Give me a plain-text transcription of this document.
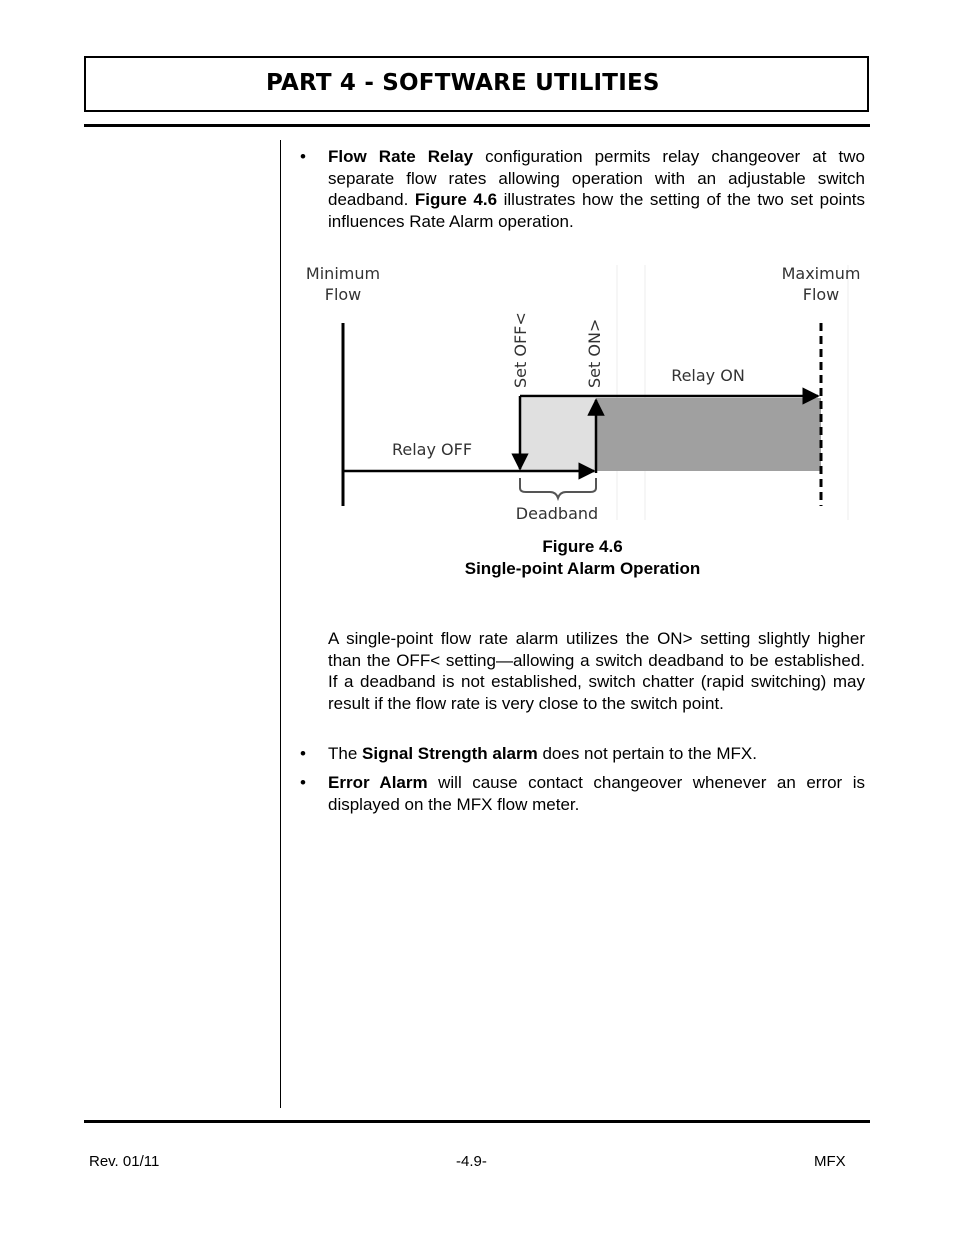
PART 4 - SOFTWARE UTILITIES
• Flow Rate Relay configuration permits relay changeover at two separate flow rates allowing operation with an adjustable switch deadband. Figure 4.6 illustrates how the setting of the two set points influences Rate Alarm operation.

Minimum
Flow
Maximum
Flow
Set OFF<	Set ON>	Relay ON
Relay OFF
Deadband
Figure 4.6
Single-point Alarm Operation

A single-point flow rate alarm utilizes the ON> setting slightly higher than the OFF< setting—allowing a switch deadband to be established. If a deadband is not established, switch chatter (rapid switching) may result if the flow rate is very close to the switch point.

• The Signal Strength alarm does not pertain to the MFX.

• Error Alarm will cause contact changeover whenever an error is displayed on the MFX flow meter.

Rev. 01/11	-4.9-	MFX
